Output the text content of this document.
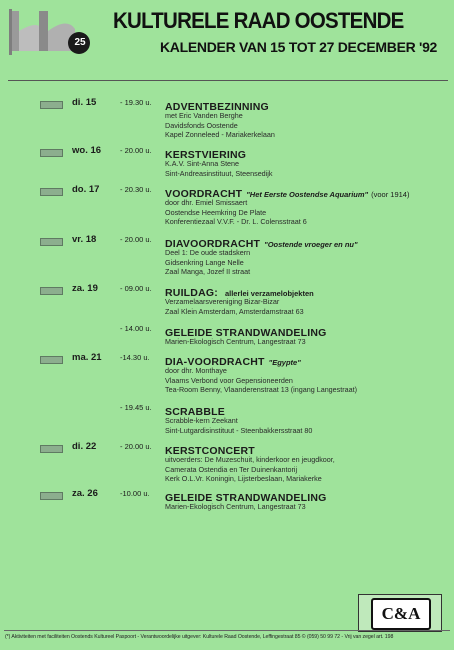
25
KULTURELE RAAD OOSTENDE
KALENDER VAN 15 TOT 27 DECEMBER '92
di. 15	- 19.30 u. ADVENTBEZINNING
met Eric Vanden Berghe
Davidsfonds Oostende
Kapel Zonneleed - Mariakerkelaan
wo. 16	- 20.00 u. KERSTVIERING
K.A.V. Sint-Anna Stene
Sint-Andreasinstituut, Steensedijk
do. 17	- 20.30 u. VOORDRACHT "Het Eerste Oostendse Aquarium" (voor 1914)
door dhr. Emiel Smissaert
Oostendse Heemkring De Plate
Konferentiezaal V.V.F. - Dr. L. Colensstraat 6
vr. 18	- 20.00 u. DIAVOORDRACHT "Oostende vroeger en nu"
Deel 1: De oude stadskern
Gidsenkring Lange Nelle
Zaal Manga, Jozef II straat
za. 19	- 09.00 u. RUILDAG: allerlei verzamelobjekten
Verzamelaarsvereniging Bizar-Bizar
Zaal Klein Amsterdam, Amsterdamstraat 63
- 14.00 u. GELEIDE STRANDWANDELING
Marien-Ekologisch Centrum, Langestraat 73
ma. 21 -14.30 u. DIA-VOORDRACHT "Egypte"
door dhr. Monthaye
Vlaams Verbond voor Gepensioneerden
Tea-Room Benny, Vlaanderenstraat 13 (ingang Langestraat)
- 19.45 u. SCRABBLE
Scrabble-kern Zeekant
Sint-Lutgardisinstituut - Steenbakkersstraat 80
di. 22	- 20.00 u. KERSTCONCERT
uitvoerders: De Muzeschuit, kinderkoor en jeugdkoor,
Camerata Ostendia en Ter Duinenkantorij
Kerk O.L.Vr. Koningin, Lijsterbeslaan, Mariakerke
za. 26	-10.00 u. GELEIDE STRANDWANDELING
Marien-Ekologisch Centrum, Langestraat 73
C&A
(*) Aktiviteiten met faciliteiten Oostends Kultureel Paspoort - Verantwoordelijke uitgever: Kulturele Raad Oostende, Leffingestraat 85 © (059) 50 99 72 - Vrij van zegel art. 198
